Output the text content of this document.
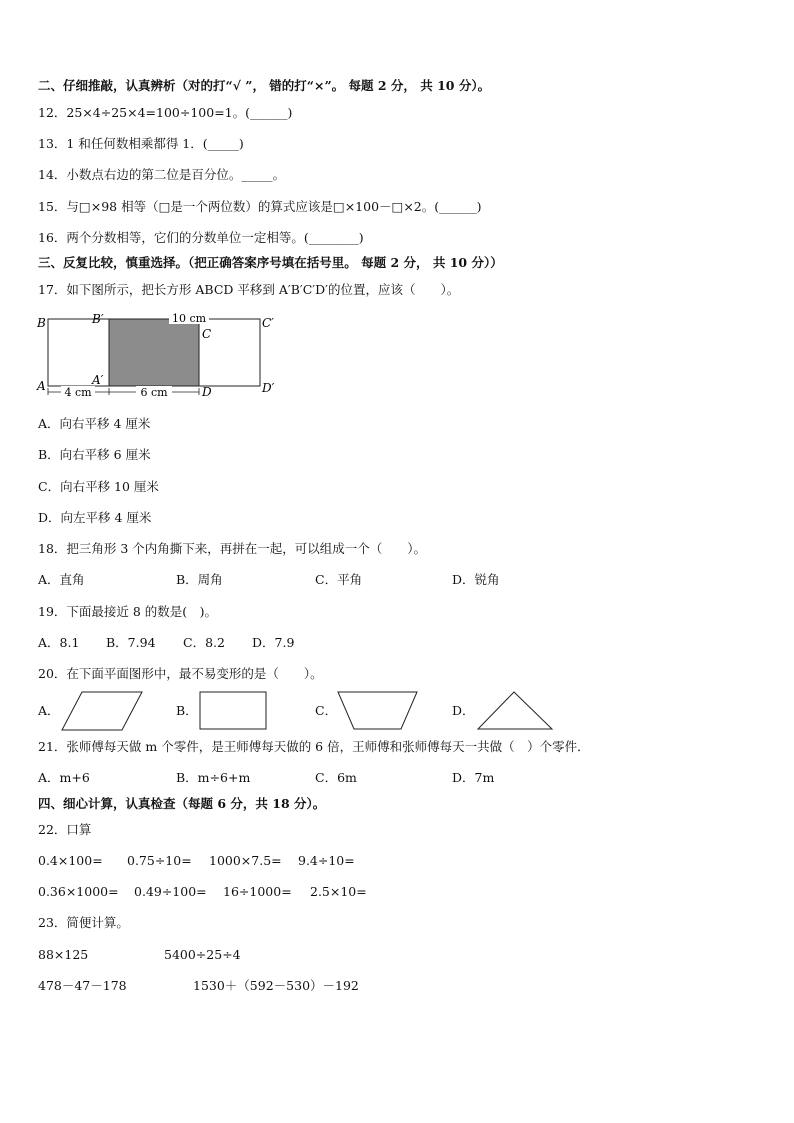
二、仔细推敲，认真辨析（对的打“√ ”， 错的打“×”。 每题 2 分， 共 10 分）。
12．25×4÷25×4=100÷100=1。(______)
13．1 和任何数相乘都得 1．(_____)
14．小数点右边的第二位是百分位。_____。
15．与□×98 相等（□是一个两位数）的算式应该是□×100－□×2。(______)
16．两个分数相等，它们的分数单位一定相等。(________)
三、反复比较，慎重选择。（把正确答案序号填在括号里。 每题 2 分， 共 10 分））
17．如下图所示，把长方形 ABCD 平移到 A′B′C′D′的位置，应该（　　）。
10 cm
4 cm	6 cm
B	B′
C
C′
A	A′
D	D′
A．向右平移 4 厘米
B．向右平移 6 厘米
C．向右平移 10 厘米
D．向左平移 4 厘米
18．把三角形 3 个内角撕下来，再拼在一起，可以组成一个（　　）。
A．直角	B．周角	C．平角	D．锐角
19．下面最接近 8 的数是(　)。
A．8.1 B．7.94 C．8.2 D．7.9
20．在下面平面图形中，最不易变形的是（　　）。
A．	B．	C．	D．
21．张师傅每天做 m 个零件，是王师傅每天做的 6 倍，王师傅和张师傅每天一共做（　）个零件．
A．m+6	B．m÷6+m	C．6m	D．7m
四、细心计算，认真检查（每题 6 分，共 18 分）。
22．口算
0.4×100= 0.75÷10= 1000×7.5= 9.4÷10=
0.36×1000= 0.49÷100= 16÷1000= 2.5×10=
23．简便计算。
88×125	5400÷25÷4
478－47－178	1530＋（592－530）－192
